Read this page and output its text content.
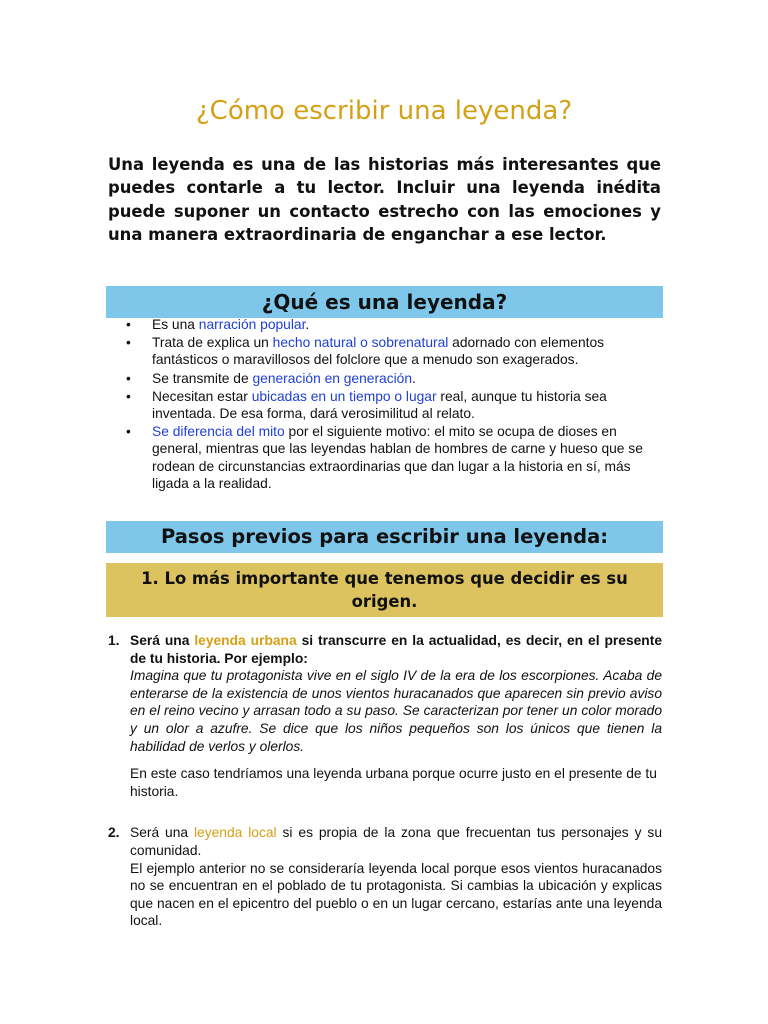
¿Cómo escribir una leyenda?

Una leyenda es una de las historias más interesantes que puedes contarle a tu lector. Incluir una leyenda inédita puede suponer un contacto estrecho con las emociones y una manera extraordinaria de enganchar a ese lector.

¿Qué es una leyenda?
• Es una narración popular.
• Trata de explica un hecho natural o sobrenatural adornado con elementos fantásticos o maravillosos del folclore que a menudo son exagerados.
• Se transmite de generación en generación.
• Necesitan estar ubicadas en un tiempo o lugar real, aunque tu historia sea inventada. De esa forma, dará verosimilitud al relato.
• Se diferencia del mito por el siguiente motivo: el mito se ocupa de dioses en general, mientras que las leyendas hablan de hombres de carne y hueso que se rodean de circunstancias extraordinarias que dan lugar a la historia en sí, más ligada a la realidad.
Pasos previos para escribir una leyenda:
1. Lo más importante que tenemos que decidir es su origen.
1. Será una leyenda urbana si transcurre en la actualidad, es decir, en el presente de tu historia. Por ejemplo:

Imagina que tu protagonista vive en el siglo IV de la era de los escorpiones. Acaba de enterarse de la existencia de unos vientos huracanados que aparecen sin previo aviso en el reino vecino y arrasan todo a su paso. Se caracterizan por tener un color morado y un olor a azufre. Se dice que los niños pequeños son los únicos que tienen la habilidad de verlos y olerlos.

En este caso tendríamos una leyenda urbana porque ocurre justo en el presente de tu historia.

2. Será una leyenda local si es propia de la zona que frecuentan tus personajes y su comunidad.

El ejemplo anterior no se consideraría leyenda local porque esos vientos huracanados no se encuentran en el poblado de tu protagonista. Si cambias la ubicación y explicas que nacen en el epicentro del pueblo o en un lugar cercano, estarías ante una leyenda local.
